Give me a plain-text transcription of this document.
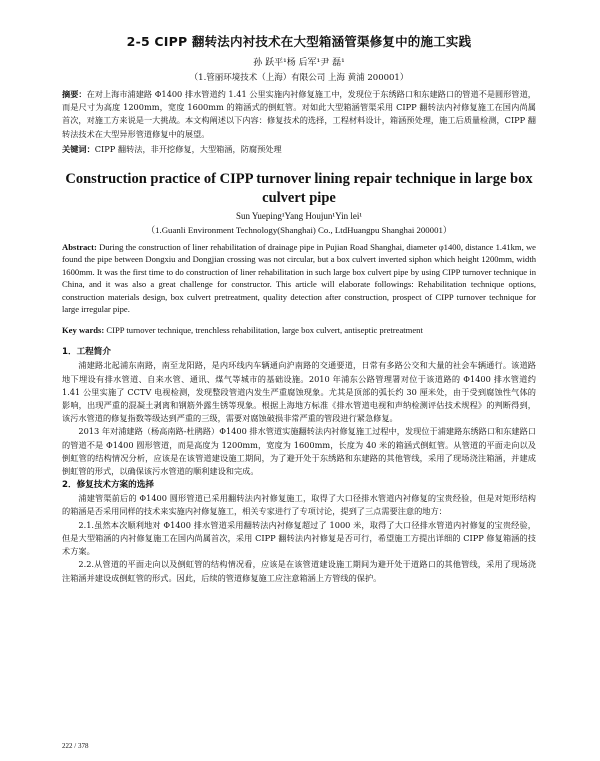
2-5 CIPP 翻转法内衬技术在大型箱涵管渠修复中的施工实践
孙 跃平¹杨 后军¹尹 磊¹
（1.管丽环境技术（上海）有限公司 上海 黄浦 200001）

摘要：在对上海市浦建路 Φ1400 排水管道约 1.41 公里实施内衬修复施工中，发现位于东绣路口和东建路口的管道不是圆形管道，而是尺寸为高度 1200mm，宽度 1600mm 的箱涵式的倒虹管。对如此大型箱涵管渠采用 CIPP 翻转法内衬修复施工在国内尚属首次，对施工方来说是一大挑战。本文构阐述以下内容：修复技术的选择，工程材料设计，箱涵预处理，施工后质量检测，CIPP 翻转法技术在大型异形管道修复中的展望。

关键词：CIPP 翻转法，非开挖修复，大型箱涵，防腐预处理

Construction practice of CIPP turnover lining repair technique in large box culvert pipe
Sun Yueping¹Yang Houjun¹Yin lei¹
（1.Guanli Environment Technology(Shanghai) Co., LtdHuangpu Shanghai 200001）

Abstract: During the construction of liner rehabilitation of drainage pipe in Pujian Road Shanghai, diameter φ1400, distance 1.41km, we found the pipe between Dongxiu and Dongjian crossing was not circular, but a box culvert inverted siphon which height 1200mm, width 1600mm. It was the first time to do construction of liner rehabilitation in such large box culvert pipe by using CIPP turnover technique in China, and it was also a great challenge for constructor. This article will elaborate followings: Rehabilitation technique options, construction materials design, box culvert pretreatment, quality detection after construction, prospect of CIPP turnover technique for large irregular pipe.

Key wards: CIPP turnover technique, trenchless rehabilitation, large box culvert, antiseptic pretreatment

1．工程简介

浦建路北起浦东南路，南至龙阳路，是内环线内车辆通向沪南路的交通要道，日常有多路公交和大量的社会车辆通行。该道路地下埋设有排水管道、自来水管、通讯、煤气等城市的基础设施。2010 年浦东公路管理署对位于该道路的 Φ1400 排水管道约 1.41 公里实施了 CCTV 电视检测，发现整段管道内发生严重腐蚀现象。尤其是顶部的弧长约 30 厘米处，由于受到腐蚀性气体的影响，出现严重的混凝土剥离和钢筋外露生锈等现象。根据上海地方标准《排水管道电视和声纳检测评估技术规程》的判断得到，该污水管道的修复指数等级达到严重的三级，需要对腐蚀破损非常严重的管段进行紧急修复。

2013 年对浦建路（杨高南路-杜鹃路）Φ1400 排水管道实施翻转法内衬修复施工过程中，发现位于浦建路东绣路口和东建路口的管道不是 Φ1400 圆形管道，而是高度为 1200mm，宽度为 1600mm，长度为 40 米的箱涵式倒虹管。从管道的平面走向以及倒虹管的结构情况分析，应该是在该管道建设施工期间，为了避开处于东绣路和东建路的其他管线，采用了现场浇注箱涵，并建成倒虹管的形式，以确保该污水管道的顺利建设和完成。

2．修复技术方案的选择

浦建管渠前后的 Φ1400 圆形管道已采用翻转法内衬修复施工，取得了大口径排水管道内衬修复的宝贵经验，但是对矩形结构的箱涵是否采用同样的技术来实施内衬修复施工，相关专家进行了专项讨论，提到了三点需要注意的地方：

2.1.虽然本次顺利地对 Φ1400 排水管道采用翻转法内衬修复超过了 1000 米，取得了大口径排水管道内衬修复的宝贵经验，但是大型箱涵的内衬修复施工在国内尚属首次，采用 CIPP 翻转法内衬修复是否可行，希望施工方提出详细的 CIPP 修复箱涵的技术方案。

2.2.从管道的平面走向以及倒虹管的结构情况看，应该是在该管道建设施工期间为避开处于道路口的其他管线，采用了现场浇注箱涵并建设成倒虹管的形式。因此，后续的管道修复施工应注意箱涵上方管线的保护。

222 / 378
